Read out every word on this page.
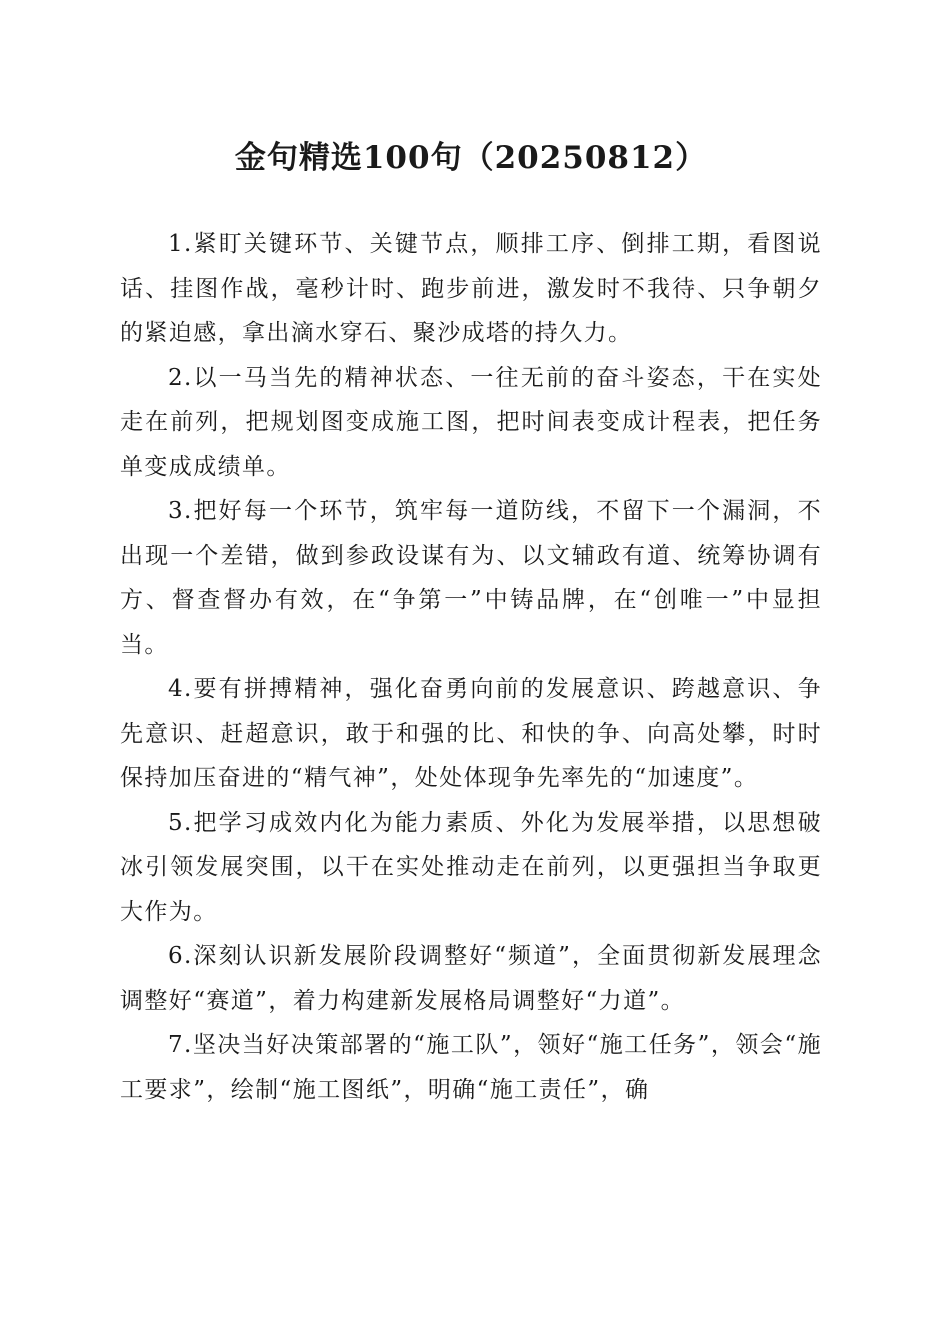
金句精选100句（20250812）

1.紧盯关键环节、关键节点，顺排工序、倒排工期，看图说话、挂图作战，毫秒计时、跑步前进，激发时不我待、只争朝夕的紧迫感，拿出滴水穿石、聚沙成塔的持久力。

2.以一马当先的精神状态、一往无前的奋斗姿态，干在实处走在前列，把规划图变成施工图，把时间表变成计程表，把任务单变成成绩单。

3.把好每一个环节，筑牢每一道防线，不留下一个漏洞，不出现一个差错，做到参政设谋有为、以文辅政有道、统筹协调有方、督查督办有效，在“争第一”中铸品牌，在“创唯一”中显担当。

4.要有拼搏精神，强化奋勇向前的发展意识、跨越意识、争先意识、赶超意识，敢于和强的比、和快的争、向高处攀，时时保持加压奋进的“精气神”，处处体现争先率先的“加速度”。

5.把学习成效内化为能力素质、外化为发展举措，以思想破冰引领发展突围，以干在实处推动走在前列，以更强担当争取更大作为。

6.深刻认识新发展阶段调整好“频道”，全面贯彻新发展理念调整好“赛道”，着力构建新发展格局调整好“力道”。

7.坚决当好决策部署的“施工队”，领好“施工任务”，领会“施工要求”，绘制“施工图纸”，明确“施工责任”，确
